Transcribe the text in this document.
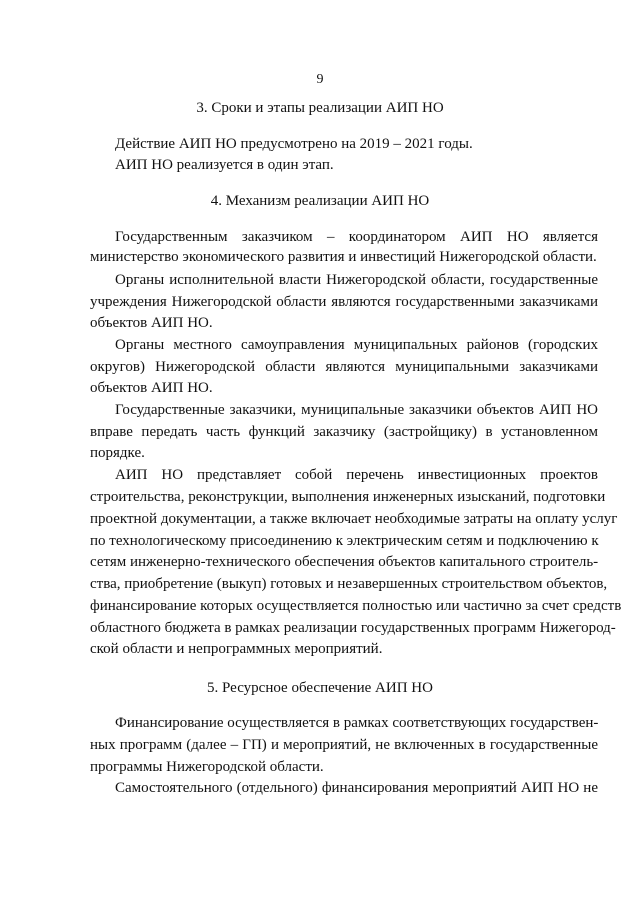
9
3. Сроки и этапы реализации АИП НО
Действие АИП НО предусмотрено на 2019 – 2021 годы.
АИП НО реализуется в один этап.
4. Механизм реализации АИП НО
Государственным заказчиком – координатором АИП НО является
министерство экономического развития и инвестиций Нижегородской области.
Органы исполнительной власти Нижегородской области, государственные
учреждения Нижегородской области являются государственными заказчиками
объектов АИП НО.
Органы местного самоуправления муниципальных районов (городских
округов) Нижегородской области являются муниципальными заказчиками
объектов АИП НО.
Государственные заказчики, муниципальные заказчики объектов АИП НО
вправе передать часть функций заказчику (застройщику) в установленном
порядке.
АИП НО представляет собой перечень инвестиционных проектов
строительства, реконструкции, выполнения инженерных изысканий, подготовки
проектной документации, а также включает необходимые затраты на оплату услуг
по технологическому присоединению к электрическим сетям и подключению к
сетям инженерно-технического обеспечения объектов капитального строитель-
ства, приобретение (выкуп) готовых и незавершенных строительством объектов,
финансирование которых осуществляется полностью или частично за счет средств
областного бюджета в рамках реализации государственных программ Нижегород-
ской области и непрограммных мероприятий.
5. Ресурсное обеспечение АИП НО
Финансирование осуществляется в рамках соответствующих государствен-
ных программ (далее – ГП) и мероприятий, не включенных в государственные
программы Нижегородской области.
Самостоятельного (отдельного) финансирования мероприятий АИП НО не
